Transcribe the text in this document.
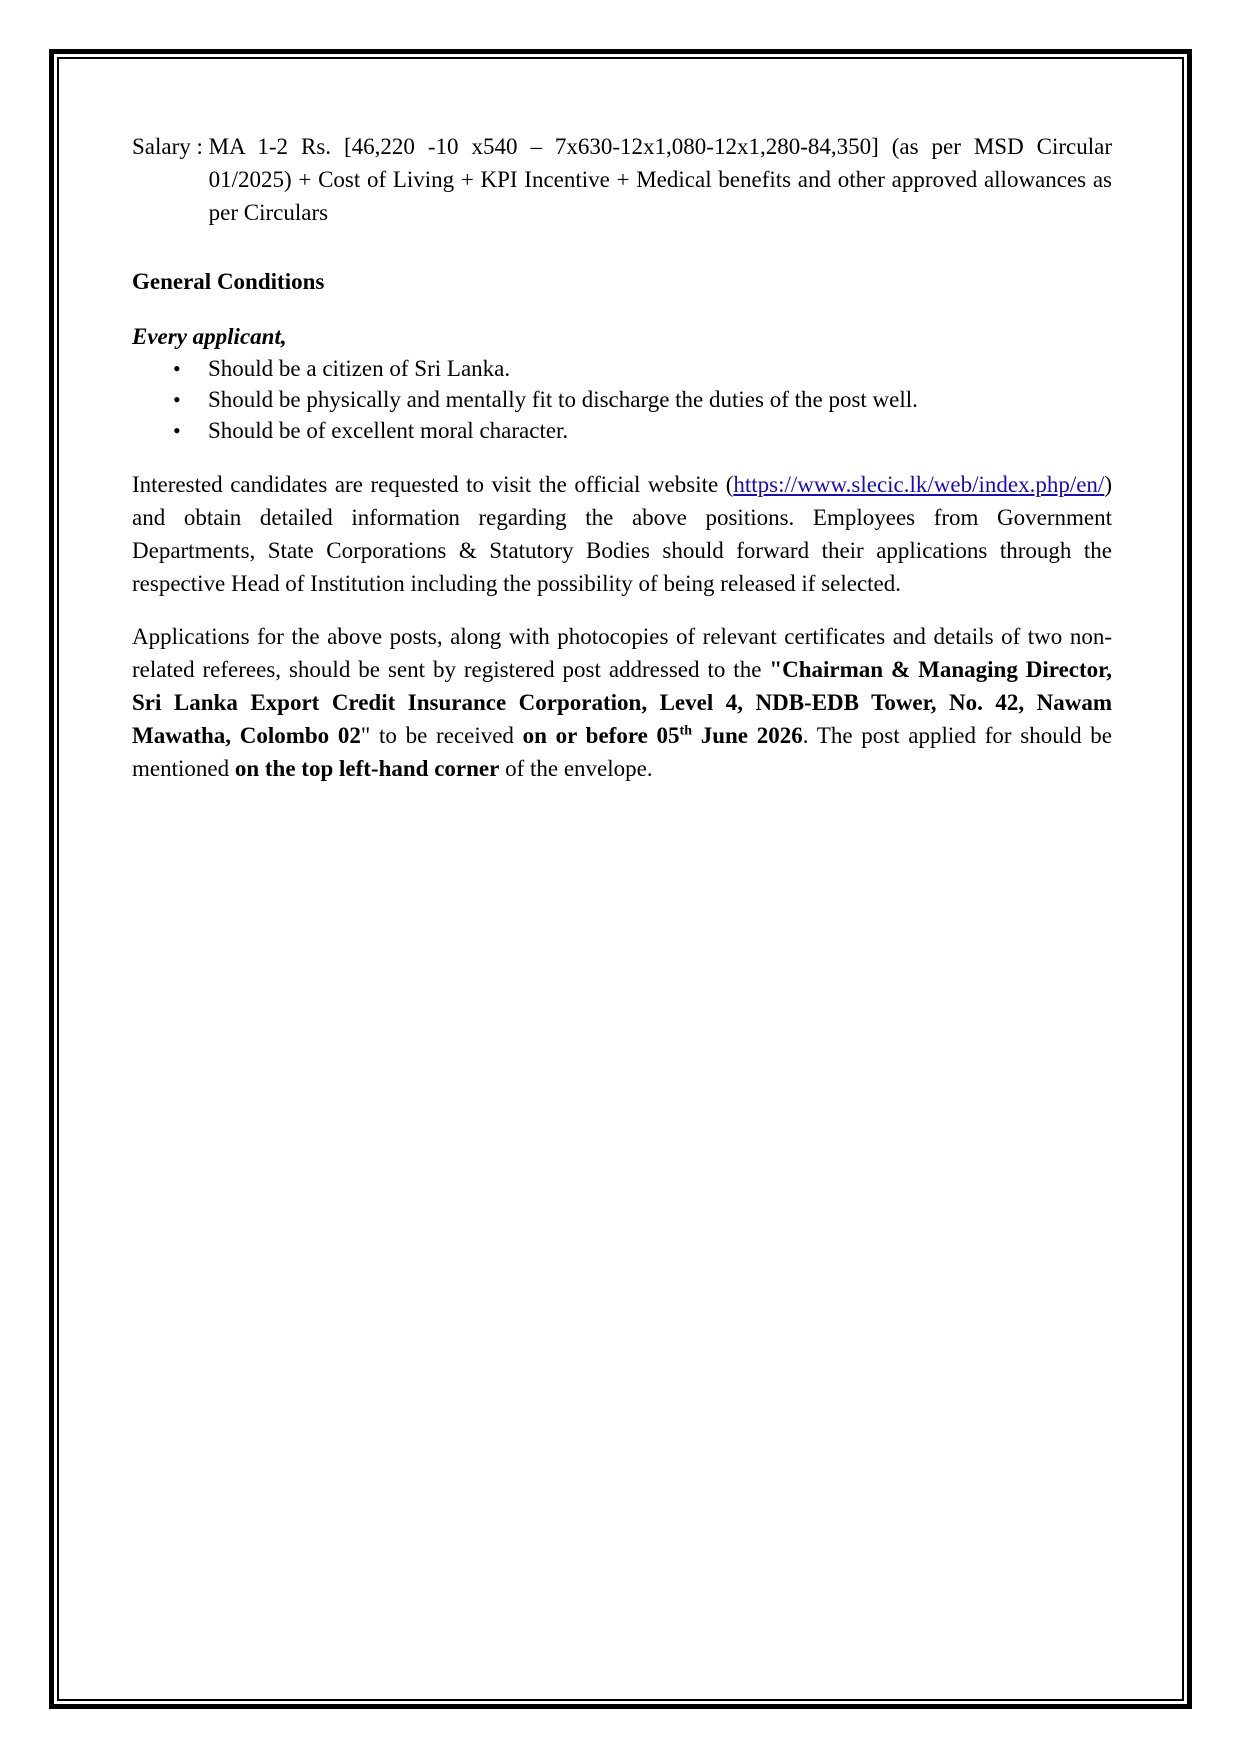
Salary : MA 1-2 Rs. [46,220 -10 x540 – 7x630-12x1,080-12x1,280-84,350] (as per MSD Circular 01/2025) + Cost of Living + KPI Incentive + Medical benefits and other approved allowances as per Circulars
General Conditions
Every applicant,
• Should be a citizen of Sri Lanka.
• Should be physically and mentally fit to discharge the duties of the post well.
• Should be of excellent moral character.

Interested candidates are requested to visit the official website (https://www.slecic.lk/web/index.php/en/) and obtain detailed information regarding the above positions. Employees from Government Departments, State Corporations & Statutory Bodies should forward their applications through the respective Head of Institution including the possibility of being released if selected.

Applications for the above posts, along with photocopies of relevant certificates and details of two non-related referees, should be sent by registered post addressed to the "Chairman & Managing Director, Sri Lanka Export Credit Insurance Corporation, Level 4, NDB-EDB Tower, No. 42, Nawam Mawatha, Colombo 02" to be received on or before 05th June 2026. The post applied for should be mentioned on the top left-hand corner of the envelope.
